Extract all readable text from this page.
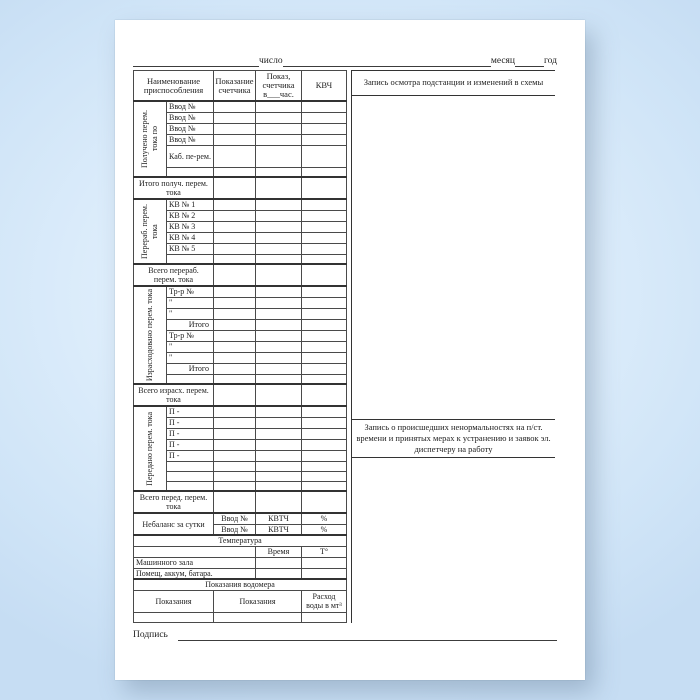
число	месяц	год
Наименование приспособления		Показание счетчика	Показ, счетчика в___час.	КВЧ

Получено перем. тока по	Ввод №			
	Ввод №			
	Ввод №			
	Ввод №			
	Каб. пе-рем.			

Итого получ. перем. тока				

Перераб. перем. тока	КВ № 1			
	КВ № 2			
	КВ № 3			
	КВ № 4			
	КВ № 5			

Всего перераб. перем. тока				

Израсходовано перем. тока	Тр-р №			
	"			
	"			
	Итого			
	Тр-р №			
	"			
	"			
	Итого			

Всего израсх. перем. тока				

Передано перем. тока	П -			
	П -			
	П -			
	П -			
	П -			

Всего перед. перем. тока				
Небаланс за сутки		Ввод №	КВТЧ	%
		Ввод №	КВТЧ	%
Температура				
			Время	Т°
Машинного зала				
Помещ, аккум, батара.				
Показания водомера				
Показания		Показания		Расход воды в мт³

Запись осмотра подстанции и изменений в схемы
Запись о происшедших ненормальностях на п/ст. времени и принятых мерах к устранению и заявок эл. диспетчеру на работу
Подпись
